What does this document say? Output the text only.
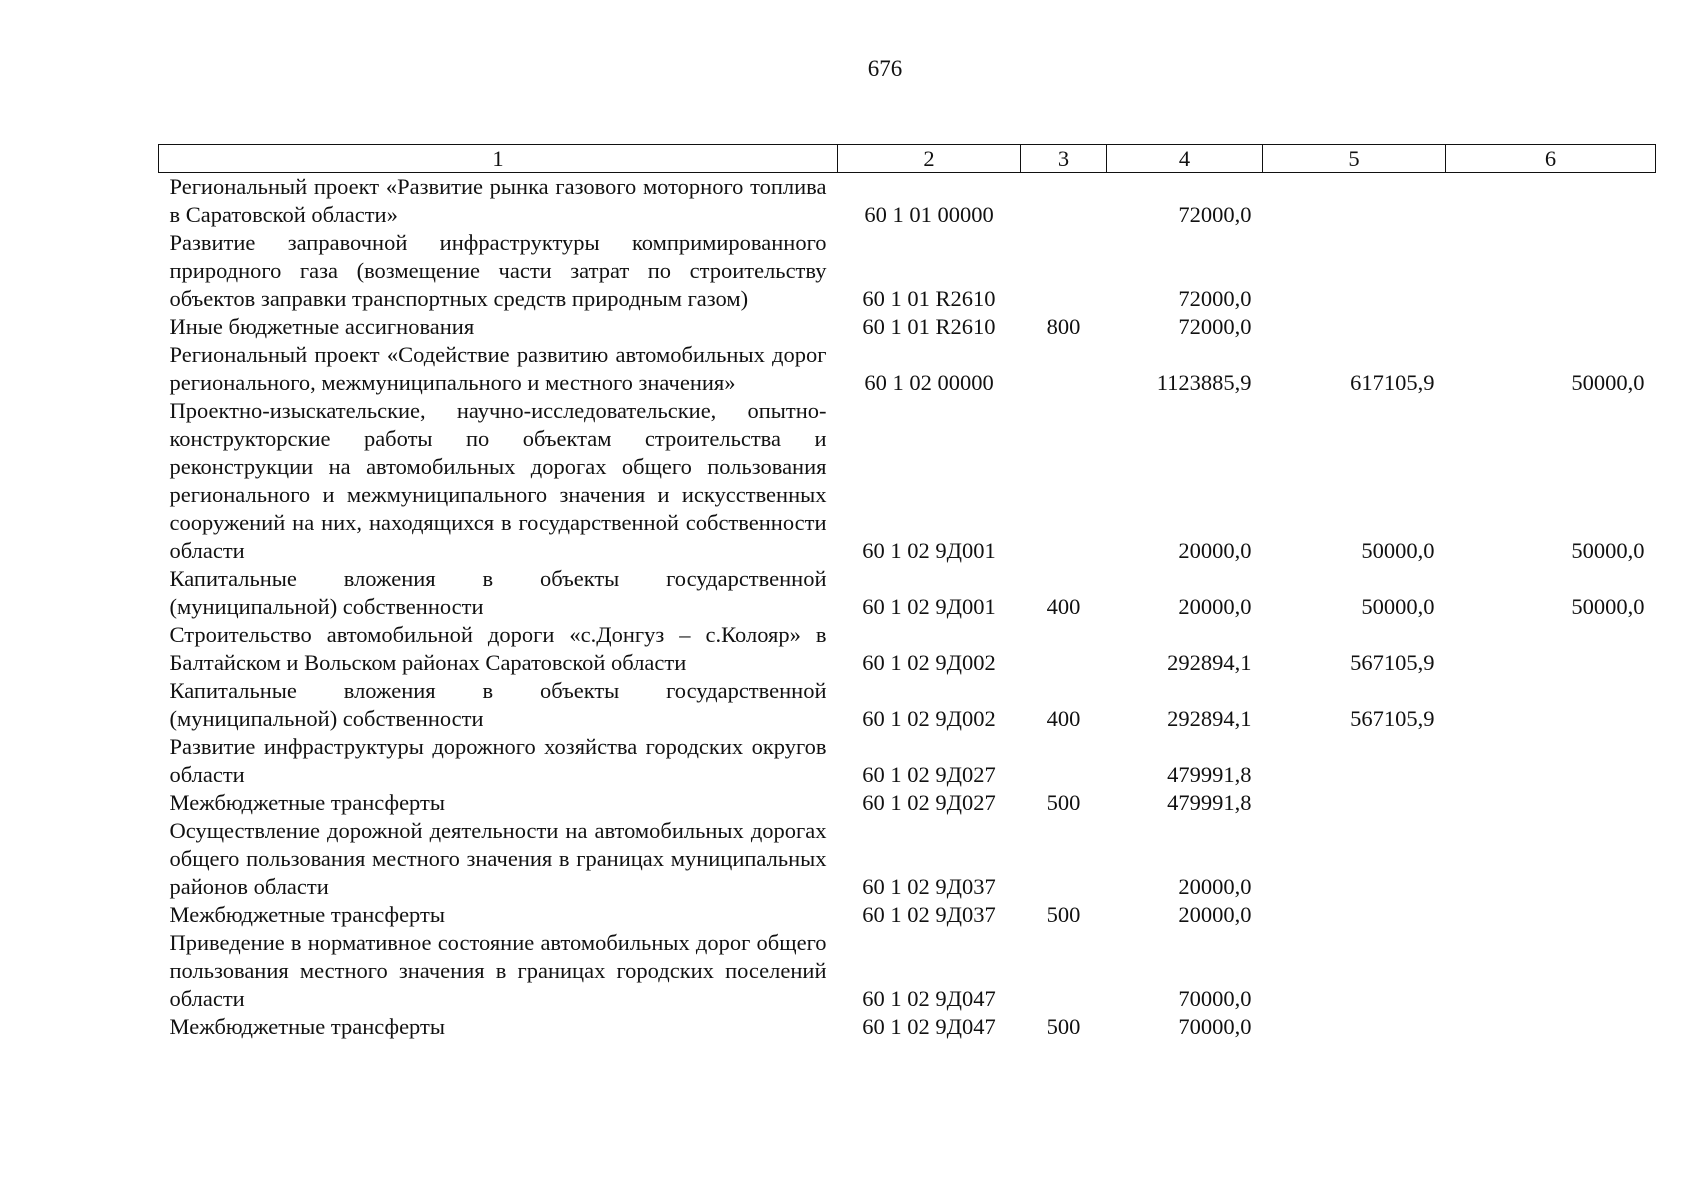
676
1	2	3	4	5	6
Региональный проект «Развитие рынка газового моторного топлива в Саратовской области»	60 1 01 00000		72000,0		
Развитие заправочной инфраструктуры компримированного природного газа (возмещение части затрат по строительству объектов заправки транспортных средств природным газом)	60 1 01 R2610		72000,0		
Иные бюджетные ассигнования	60 1 01 R2610	800	72000,0		
Региональный проект «Содействие развитию автомобильных дорог регионального, межмуниципального и местного значения»	60 1 02 00000		1123885,9	617105,9	50000,0
Проектно-изыскательские, научно-исследовательские, опытно-конструкторские работы по объектам строительства и реконструкции на автомобильных дорогах общего пользования регионального и межмуниципального значения и искусственных сооружений на них, находящихся в государственной собственности области	60 1 02 9Д001		20000,0	50000,0	50000,0
Капитальные вложения в объекты государственной (муниципальной) собственности	60 1 02 9Д001	400	20000,0	50000,0	50000,0
Строительство автомобильной дороги «с.Донгуз – с.Колояр» в Балтайском и Вольском районах Саратовской области	60 1 02 9Д002		292894,1	567105,9	
Капитальные вложения в объекты государственной (муниципальной) собственности	60 1 02 9Д002	400	292894,1	567105,9	
Развитие инфраструктуры дорожного хозяйства городских округов области	60 1 02 9Д027		479991,8		
Межбюджетные трансферты	60 1 02 9Д027	500	479991,8		
Осуществление дорожной деятельности на автомобильных дорогах общего пользования местного значения в границах муниципальных районов области	60 1 02 9Д037		20000,0		
Межбюджетные трансферты	60 1 02 9Д037	500	20000,0		
Приведение в нормативное состояние автомобильных дорог общего пользования местного значения в границах городских поселений области	60 1 02 9Д047		70000,0		
Межбюджетные трансферты	60 1 02 9Д047	500	70000,0		
